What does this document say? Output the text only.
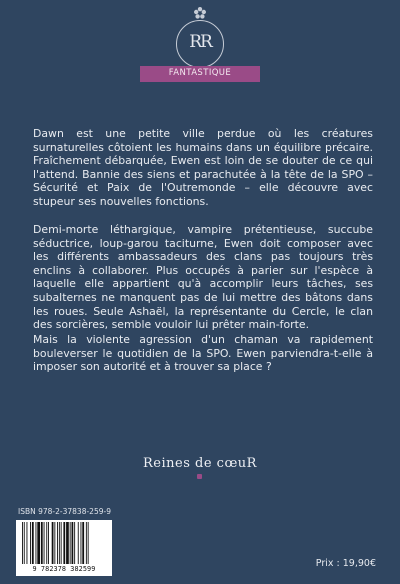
RR
FANTASTIQUE

Dawn est une petite ville perdue où les créatures surnaturelles côtoient les humains dans un équilibre précaire. Fraîchement débarquée, Ewen est loin de se douter de ce qui l'attend. Bannie des siens et parachutée à la tête de la SPO – Sécurité et Paix de l'Outremonde – elle découvre avec stupeur ses nouvelles fonctions.

Demi-morte léthargique, vampire prétentieuse, succube séductrice, loup-garou taciturne, Ewen doit composer avec les différents ambassadeurs des clans pas toujours très enclins à collaborer. Plus occupés à parier sur l'espèce à laquelle elle appartient qu'à accomplir leurs tâches, ses subalternes ne manquent pas de lui mettre des bâtons dans les roues. Seule Ashaël, la représentante du Cercle, le clan des sorcières, semble vouloir lui prêter main-forte.

Mais la violente agression d'un chaman va rapidement bouleverser le quotidien de la SPO. Ewen parviendra-t-elle à imposer son autorité et à trouver sa place ?

Reines de cœuR
ISBN 978-2-37838-259-9
9 782378 382599	Prix : 19,90€
